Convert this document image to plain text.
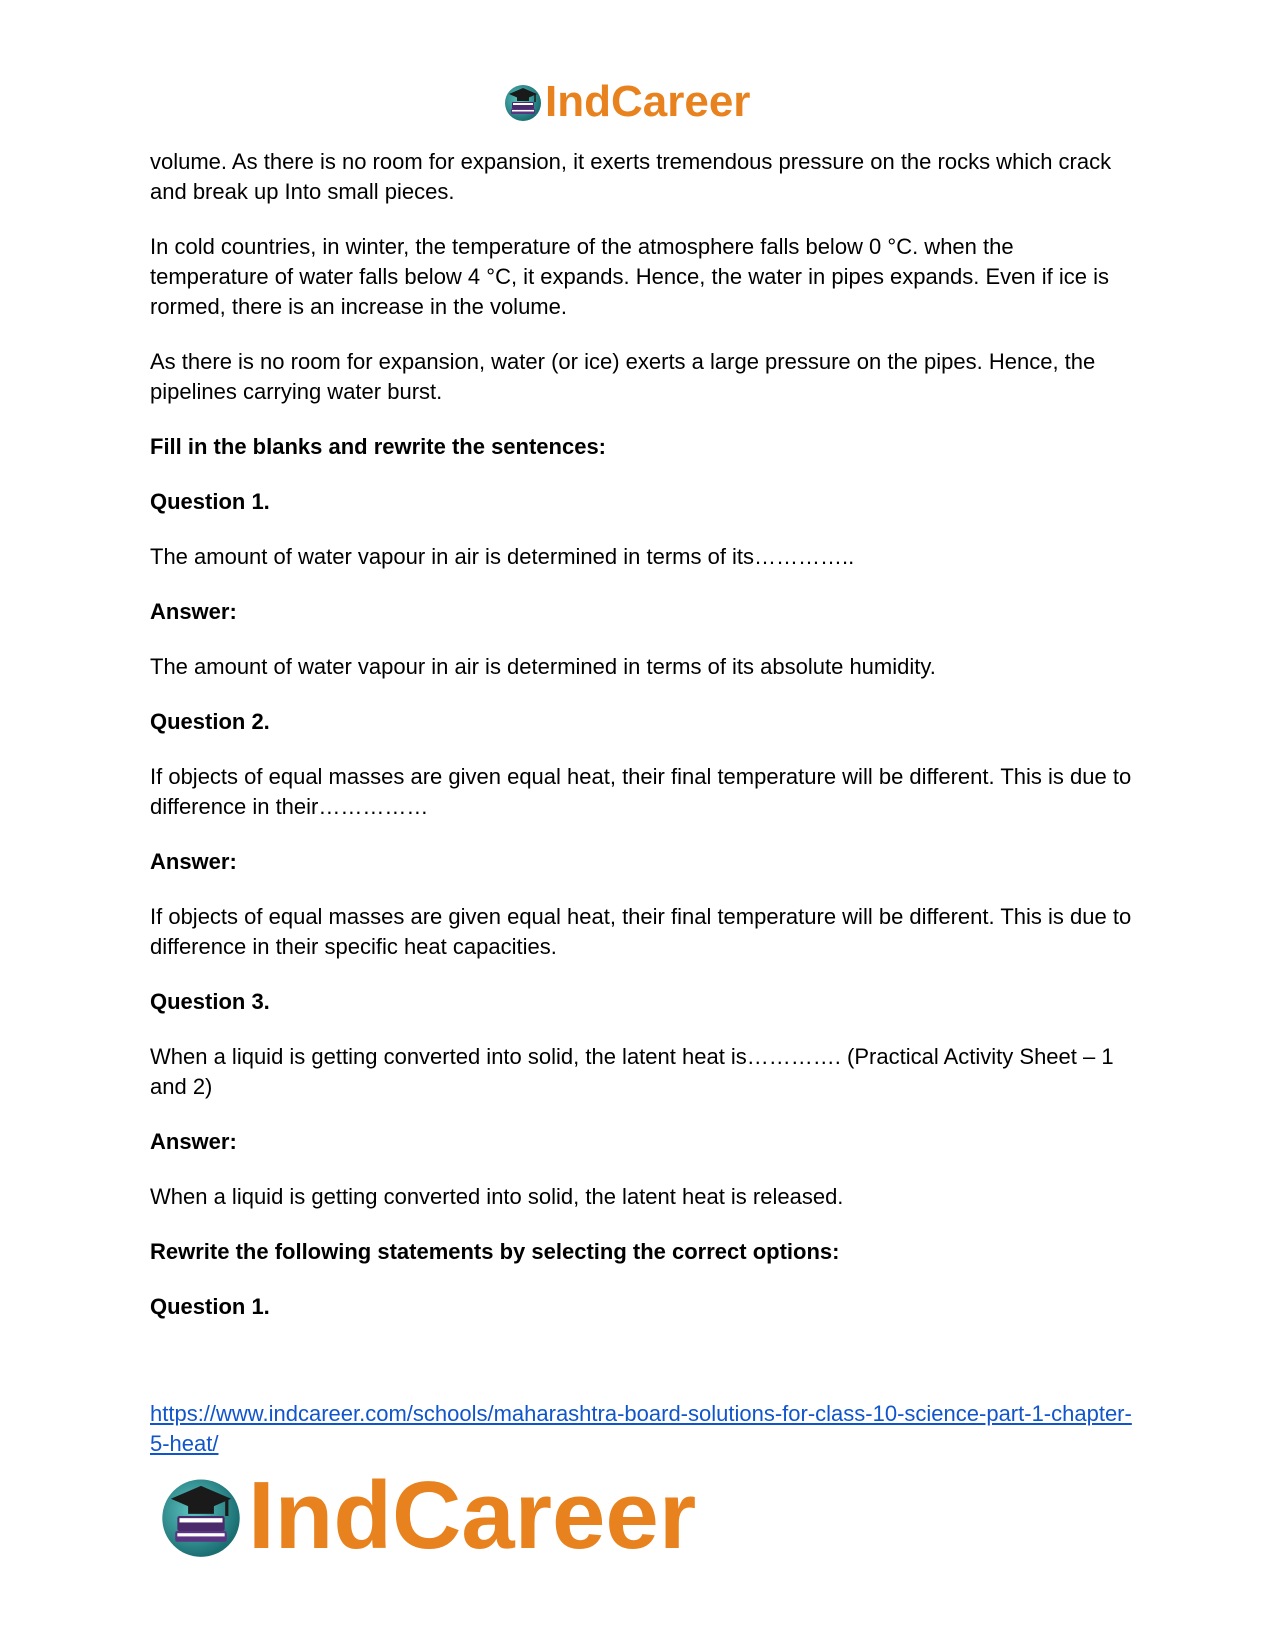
IndCareer

volume. As there is no room for expansion, it exerts tremendous pressure on the rocks which crack and break up Into small pieces.

In cold countries, in winter, the temperature of the atmosphere falls below 0 °C. when the temperature of water falls below 4 °C, it expands. Hence, the water in pipes expands. Even if ice is rormed, there is an increase in the volume.

As there is no room for expansion, water (or ice) exerts a large pressure on the pipes. Hence, the pipelines carrying water burst.

Fill in the blanks and rewrite the sentences:

Question 1.

The amount of water vapour in air is determined in terms of its…………..

Answer:

The amount of water vapour in air is determined in terms of its absolute humidity.

Question 2.

If objects of equal masses are given equal heat, their final temperature will be different. This is due to difference in their……………

Answer:

If objects of equal masses are given equal heat, their final temperature will be different. This is due to difference in their specific heat capacities.

Question 3.

When a liquid is getting converted into solid, the latent heat is…………. (Practical Activity Sheet – 1 and 2)

Answer:

When a liquid is getting converted into solid, the latent heat is released.

Rewrite the following statements by selecting the correct options:

Question 1.

https://www.indcareer.com/schools/maharashtra-board-solutions-for-class-10-science-part-1-chapter-5-heat/
IndCareer
